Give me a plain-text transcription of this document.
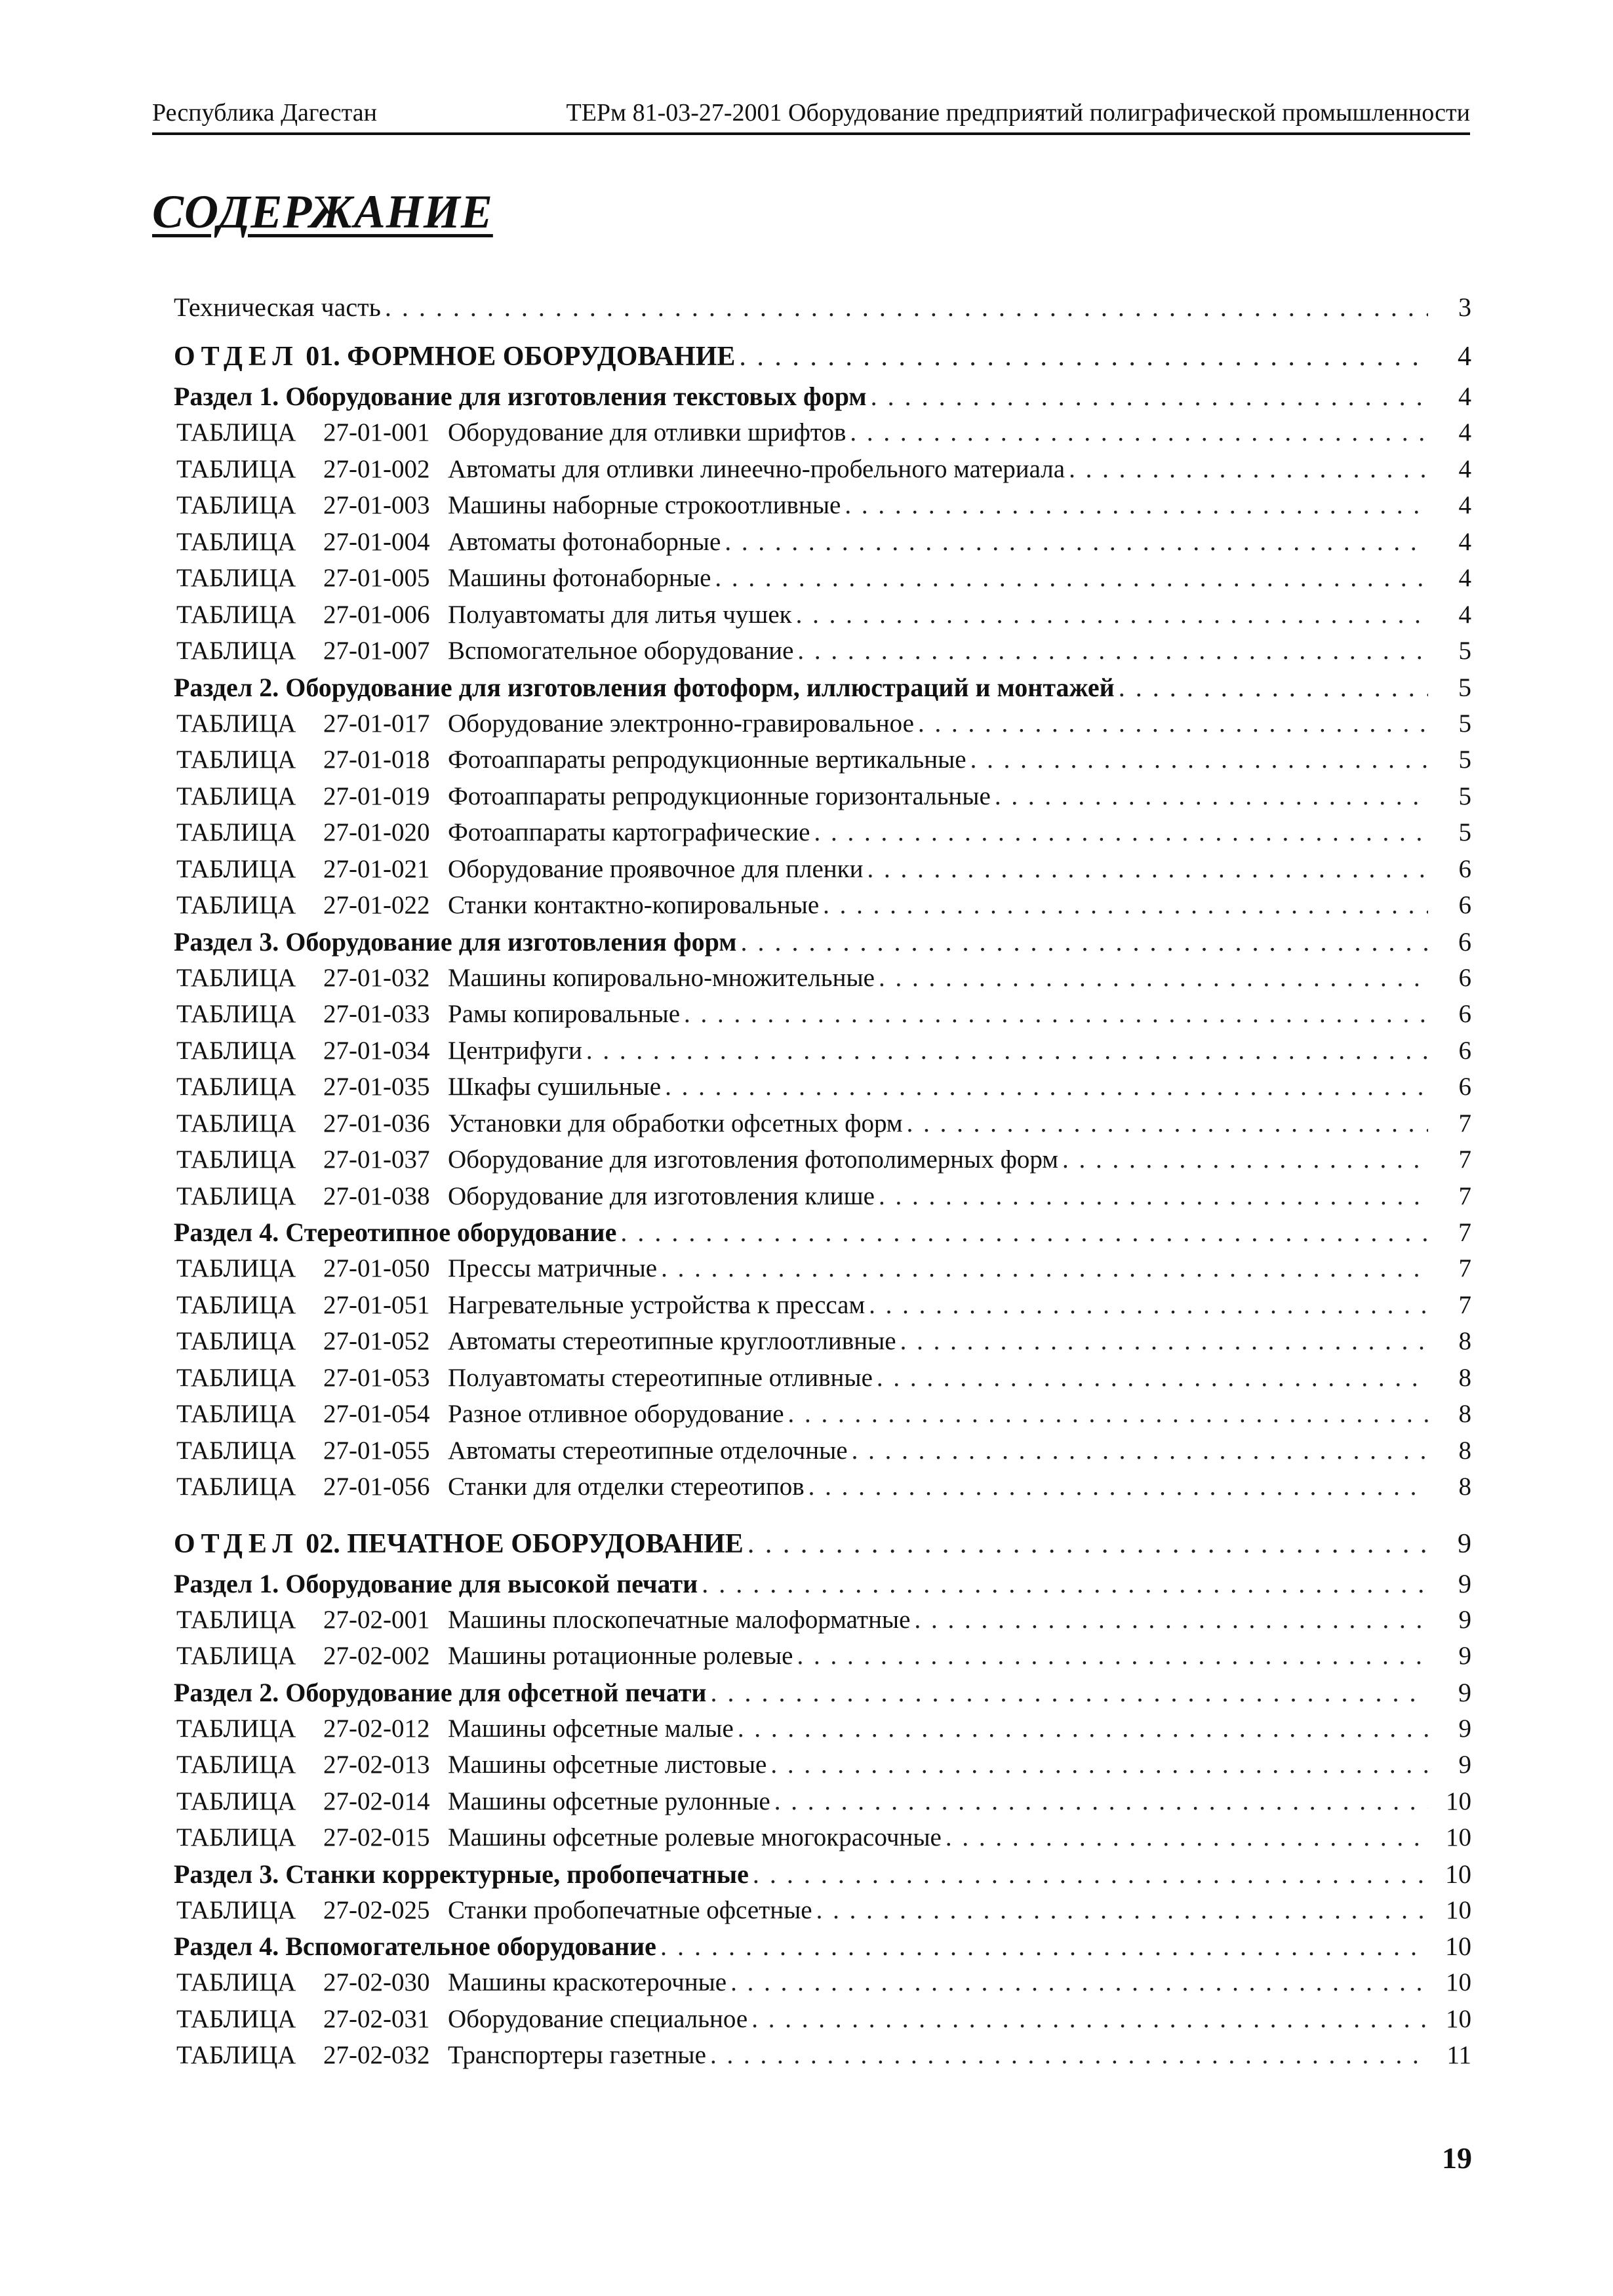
Республика Дагестан	ТЕРм 81-03-27-2001 Оборудование предприятий полиграфической промышленности
СОДЕРЖАНИЕ
Техническая часть . . .	3
ОТДЕЛ 01. ФОРМНОЕ ОБОРУДОВАНИЕ . . .	4
Раздел 1. Оборудование для изготовления текстовых форм . . .	4
ТАБЛИЦА 27-01-001 Оборудование для отливки шрифтов . . .	4
ТАБЛИЦА 27-01-002 Автоматы для отливки линеечно-пробельного материала . . .	4
ТАБЛИЦА 27-01-003 Машины наборные строкоотливные . . .	4
ТАБЛИЦА 27-01-004 Автоматы фотонаборные . . .	4
ТАБЛИЦА 27-01-005 Машины фотонаборные . . .	4
ТАБЛИЦА 27-01-006 Полуавтоматы для литья чушек . . .	4
ТАБЛИЦА 27-01-007 Вспомогательное оборудование . . .	5
Раздел 2. Оборудование для изготовления фотоформ, иллюстраций и монтажей . . .	5
ТАБЛИЦА 27-01-017 Оборудование электронно-гравировальное . . .	5
ТАБЛИЦА 27-01-018 Фотоаппараты репродукционные вертикальные . . .	5
ТАБЛИЦА 27-01-019 Фотоаппараты репродукционные горизонтальные . . .	5
ТАБЛИЦА 27-01-020 Фотоаппараты картографические . . .	5
ТАБЛИЦА 27-01-021 Оборудование проявочное для пленки . . .	6
ТАБЛИЦА 27-01-022 Станки контактно-копировальные . . .	6
Раздел 3. Оборудование для изготовления форм . . .	6
ТАБЛИЦА 27-01-032 Машины копировально-множительные . . .	6
ТАБЛИЦА 27-01-033 Рамы копировальные . . .	6
ТАБЛИЦА 27-01-034 Центрифуги . . .	6
ТАБЛИЦА 27-01-035 Шкафы сушильные . . .	6
ТАБЛИЦА 27-01-036 Установки для обработки офсетных форм . . .	7
ТАБЛИЦА 27-01-037 Оборудование для изготовления фотополимерных форм . . .	7
ТАБЛИЦА 27-01-038 Оборудование для изготовления клише . . .	7
Раздел 4. Стереотипное оборудование . . .	7
ТАБЛИЦА 27-01-050 Прессы матричные . . .	7
ТАБЛИЦА 27-01-051 Нагревательные устройства к прессам . . .	7
ТАБЛИЦА 27-01-052 Автоматы стереотипные круглоотливные . . .	8
ТАБЛИЦА 27-01-053 Полуавтоматы стереотипные отливные . . .	8
ТАБЛИЦА 27-01-054 Разное отливное оборудование . . .	8
ТАБЛИЦА 27-01-055 Автоматы стереотипные отделочные . . .	8
ТАБЛИЦА 27-01-056 Станки для отделки стереотипов . . .	8
ОТДЕЛ 02. ПЕЧАТНОЕ ОБОРУДОВАНИЕ . . .	9
Раздел 1. Оборудование для высокой печати . . .	9
ТАБЛИЦА 27-02-001 Машины плоскопечатные малоформатные . . .	9
ТАБЛИЦА 27-02-002 Машины ротационные ролевые . . .	9
Раздел 2. Оборудование для офсетной печати . . .	9
ТАБЛИЦА 27-02-012 Машины офсетные малые . . .	9
ТАБЛИЦА 27-02-013 Машины офсетные листовые . . .	9
ТАБЛИЦА 27-02-014 Машины офсетные рулонные . . .	10
ТАБЛИЦА 27-02-015 Машины офсетные ролевые многокрасочные . . .	10
Раздел 3. Станки корректурные, пробопечатные . . .	10
ТАБЛИЦА 27-02-025 Станки пробопечатные офсетные . . .	10
Раздел 4. Вспомогательное оборудование . . .	10
ТАБЛИЦА 27-02-030 Машины краскотерочные . . .	10
ТАБЛИЦА 27-02-031 Оборудование специальное . . .	10
ТАБЛИЦА 27-02-032 Транспортеры газетные . . .	11
19
